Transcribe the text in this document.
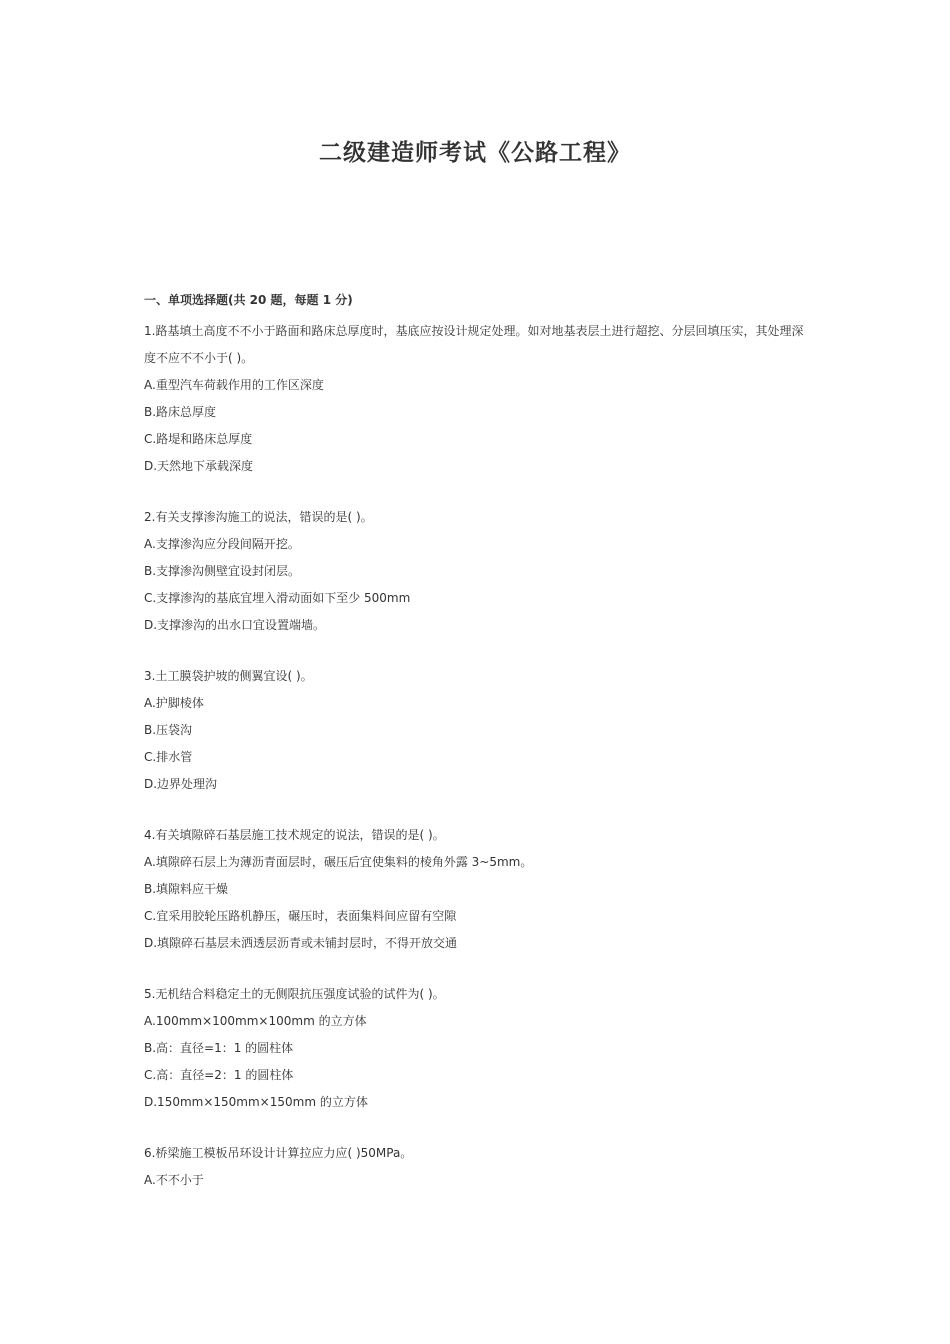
二级建造师考试《公路工程》
一、单项选择题(共 20 题，每题 1 分)
1.路基填土高度不不小于路面和路床总厚度时，基底应按设计规定处理。如对地基表层土进行超挖、分层回填压实，其处理深度不应不不小于( )。
A.重型汽车荷载作用的工作区深度
B.路床总厚度
C.路堤和路床总厚度
D.天然地下承载深度
2.有关支撑渗沟施工的说法，错误的是( )。
A.支撑渗沟应分段间隔开挖。
B.支撑渗沟侧壁宜设封闭层。
C.支撑渗沟的基底宜埋入滑动面如下至少 500mm
D.支撑渗沟的出水口宜设置端墙。
3.土工膜袋护坡的侧翼宜设( )。
A.护脚棱体
B.压袋沟
C.排水管
D.边界处理沟
4.有关填隙碎石基层施工技术规定的说法，错误的是( )。
A.填隙碎石层上为薄沥青面层时，碾压后宜使集料的棱角外露 3~5mm。
B.填隙料应干燥
C.宜采用胶轮压路机静压，碾压时，表面集料间应留有空隙
D.填隙碎石基层未洒透层沥青或未铺封层时，不得开放交通
5.无机结合料稳定土的无侧限抗压强度试验的试件为( )。
A.100mm×100mm×100mm 的立方体
B.高：直径=1：1 的圆柱体
C.高：直径=2：1 的圆柱体
D.150mm×150mm×150mm 的立方体
6.桥梁施工模板吊环设计计算拉应力应( )50MPa。
A.不不小于
